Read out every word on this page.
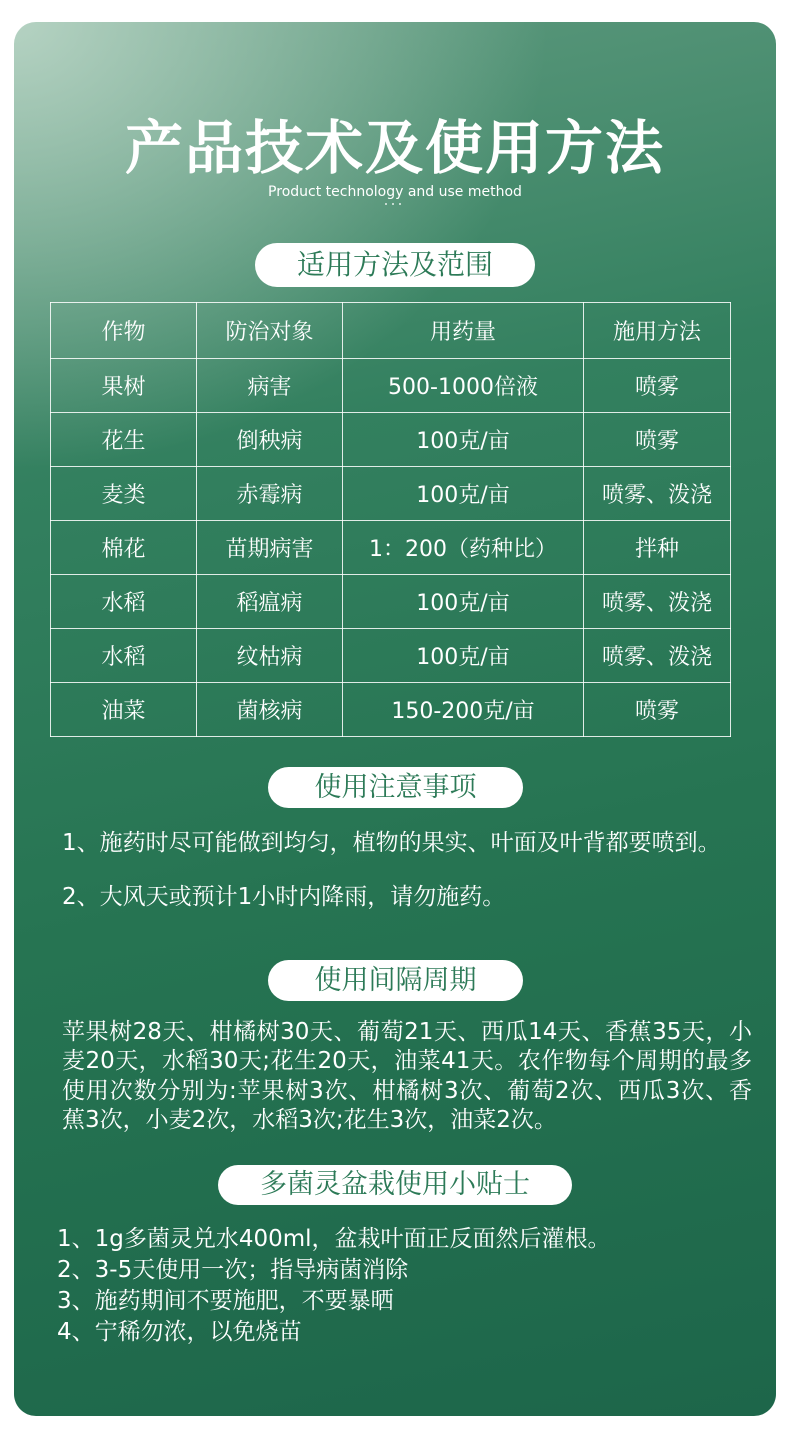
产品技术及使用方法
Product technology and use method
适用方法及范围
作物	防治对象	用药量	施用方法
果树	病害	500-1000倍液	喷雾
花生	倒秧病	100克/亩	喷雾
麦类	赤霉病	100克/亩	喷雾、泼浇
棉花	苗期病害	1：200（药种比）	拌种
水稻	稻瘟病	100克/亩	喷雾、泼浇
水稻	纹枯病	100克/亩	喷雾、泼浇
油菜	菌核病	150-200克/亩	喷雾
使用注意事项
1、施药时尽可能做到均匀，植物的果实、叶面及叶背都要喷到。
2、大风天或预计1小时内降雨，请勿施药。
使用间隔周期
苹果树28天、柑橘树30天、葡萄21天、西瓜14天、香蕉35天，小
麦20天，水稻30天;花生20天，油菜41天。农作物每个周期的最多
使用次数分别为:苹果树3次、柑橘树3次、葡萄2次、西瓜3次、香
蕉3次，小麦2次，水稻3次;花生3次，油菜2次。
多菌灵盆栽使用小贴士
1、1g多菌灵兑水400ml，盆栽叶面正反面然后灌根。
2、3-5天使用一次；指导病菌消除
3、施药期间不要施肥，不要暴晒
4、宁稀勿浓，以免烧苗
